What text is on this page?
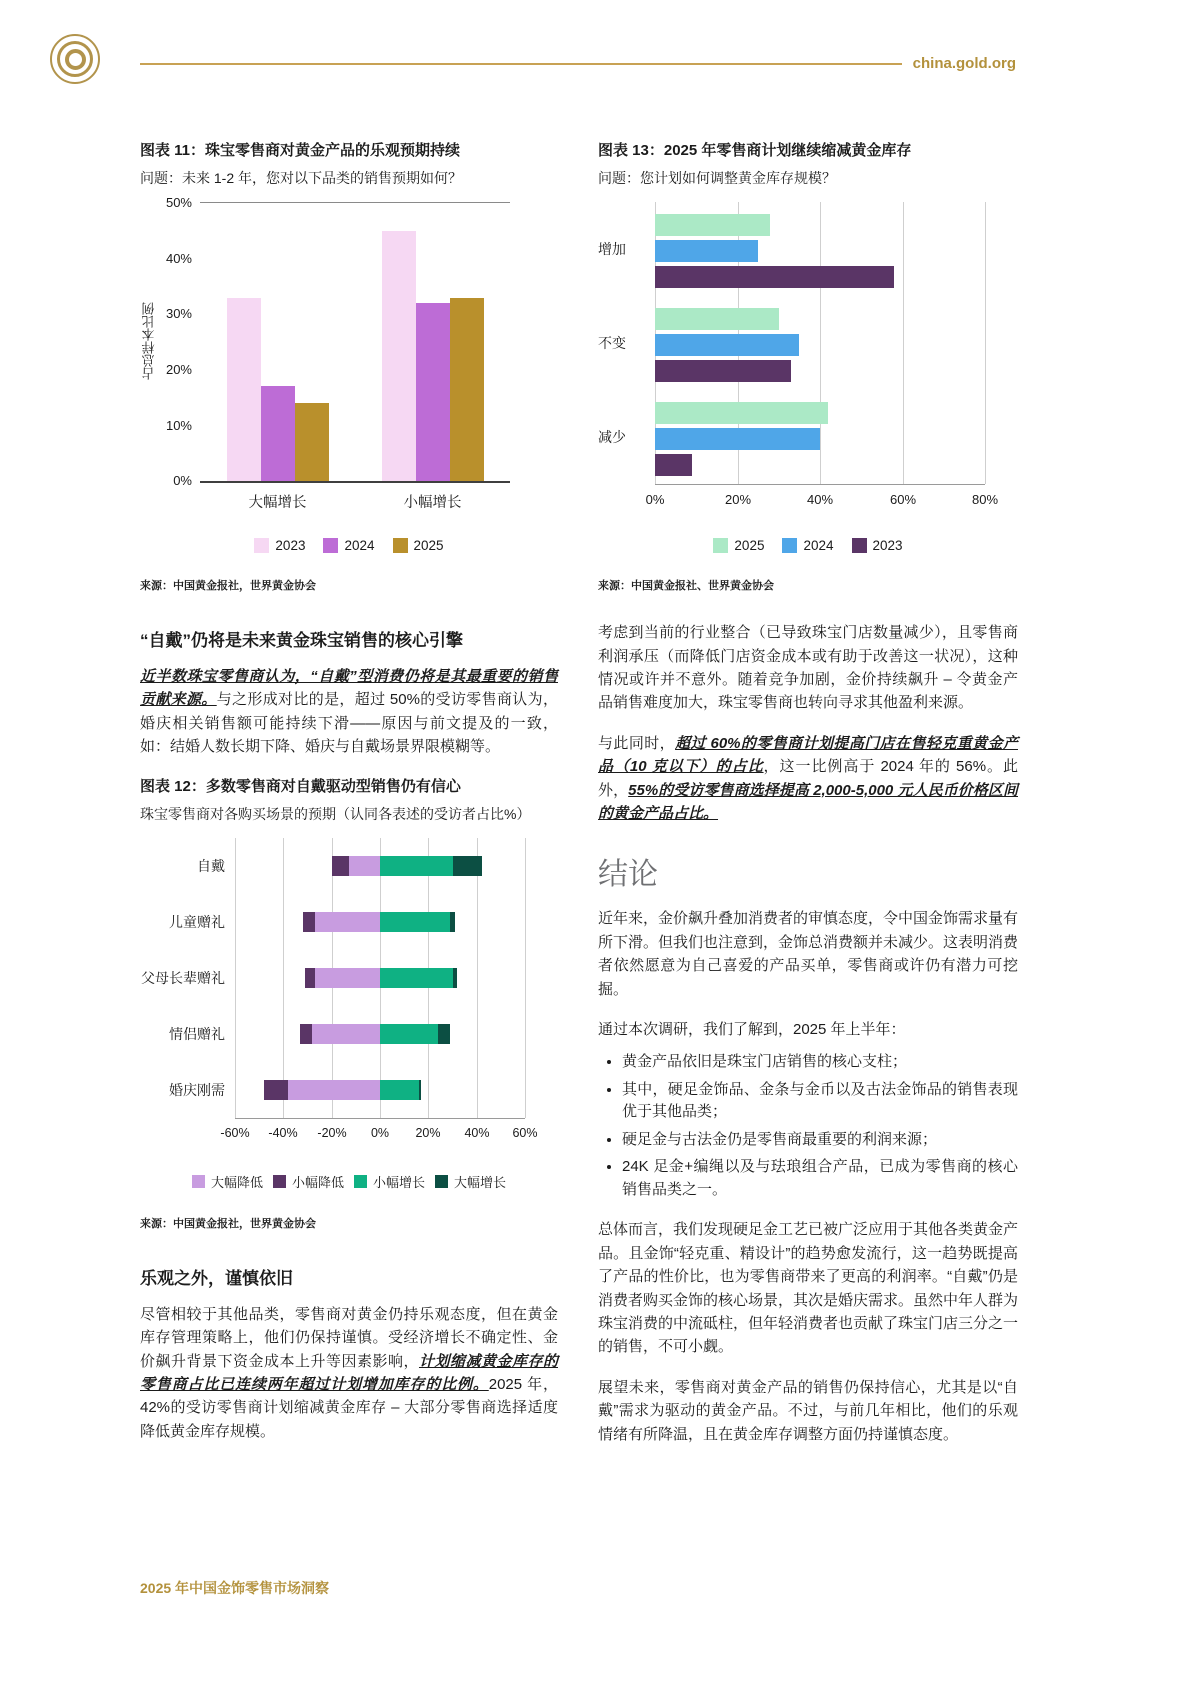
china.gold.org
图表 11：珠宝零售商对黄金产品的乐观预期持续

问题：未来 1-2 年，您对以下品类的销售预期如何？

占总样本比例
0%
10%
20%
30%
40%
50%
大幅增长	小幅增长
2023	2024	2025

来源：中国黄金报社，世界黄金协会

“自戴”仍将是未来黄金珠宝销售的核心引擎

近半数珠宝零售商认为，“自戴”型消费仍将是其最重要的销售贡献来源。与之形成对比的是，超过 50%的受访零售商认为，婚庆相关销售额可能持续下滑——原因与前文提及的一致，如：结婚人数长期下降、婚庆与自戴场景界限模糊等。

图表 12：多数零售商对自戴驱动型销售仍有信心

珠宝零售商对各购买场景的预期（认同各表述的受访者占比%）

自戴
儿童赠礼
父母长辈赠礼
情侣赠礼
婚庆刚需
-60%	-40%	-20%	0%	20%	40%	60%
大幅降低 小幅降低 小幅增长 大幅增长

来源：中国黄金报社，世界黄金协会

乐观之外，谨慎依旧

尽管相较于其他品类，零售商对黄金仍持乐观态度，但在黄金库存管理策略上，他们仍保持谨慎。受经济增长不确定性、金价飙升背景下资金成本上升等因素影响，计划缩减黄金库存的零售商占比已连续两年超过计划增加库存的比例。2025 年，42%的受访零售商计划缩减黄金库存 – 大部分零售商选择适度降低黄金库存规模。

图表 13：2025 年零售商计划继续缩减黄金库存

问题：您计划如何调整黄金库存规模？

增加
不变
减少
0%	20%	40%	60%	80%
2025	2024	2023

来源：中国黄金报社、世界黄金协会

考虑到当前的行业整合（已导致珠宝门店数量减少），且零售商利润承压（而降低门店资金成本或有助于改善这一状况），这种情况或许并不意外。随着竞争加剧，金价持续飙升 – 令黄金产品销售难度加大，珠宝零售商也转向寻求其他盈利来源。

与此同时，超过 60%的零售商计划提高门店在售轻克重黄金产品（10 克以下）的占比，这一比例高于 2024 年的 56%。此外，55%的受访零售商选择提高 2,000-5,000 元人民币价格区间的黄金产品占比。

结论

近年来，金价飙升叠加消费者的审慎态度，令中国金饰需求量有所下滑。但我们也注意到，金饰总消费额并未减少。这表明消费者依然愿意为自己喜爱的产品买单，零售商或许仍有潜力可挖掘。

通过本次调研，我们了解到，2025 年上半年：

• 黄金产品依旧是珠宝门店销售的核心支柱；
• 其中，硬足金饰品、金条与金币以及古法金饰品的销售表现优于其他品类；
• 硬足金与古法金仍是零售商最重要的利润来源；
• 24K 足金+编绳以及与珐琅组合产品，已成为零售商的核心销售品类之一。

总体而言，我们发现硬足金工艺已被广泛应用于其他各类黄金产品。且金饰“轻克重、精设计”的趋势愈发流行，这一趋势既提高了产品的性价比，也为零售商带来了更高的利润率。“自戴”仍是消费者购买金饰的核心场景，其次是婚庆需求。虽然中年人群为珠宝消费的中流砥柱，但年轻消费者也贡献了珠宝门店三分之一的销售，不可小觑。

展望未来，零售商对黄金产品的销售仍保持信心，尤其是以“自戴”需求为驱动的黄金产品。不过，与前几年相比，他们的乐观情绪有所降温，且在黄金库存调整方面仍持谨慎态度。

2025 年中国金饰零售市场洞察
